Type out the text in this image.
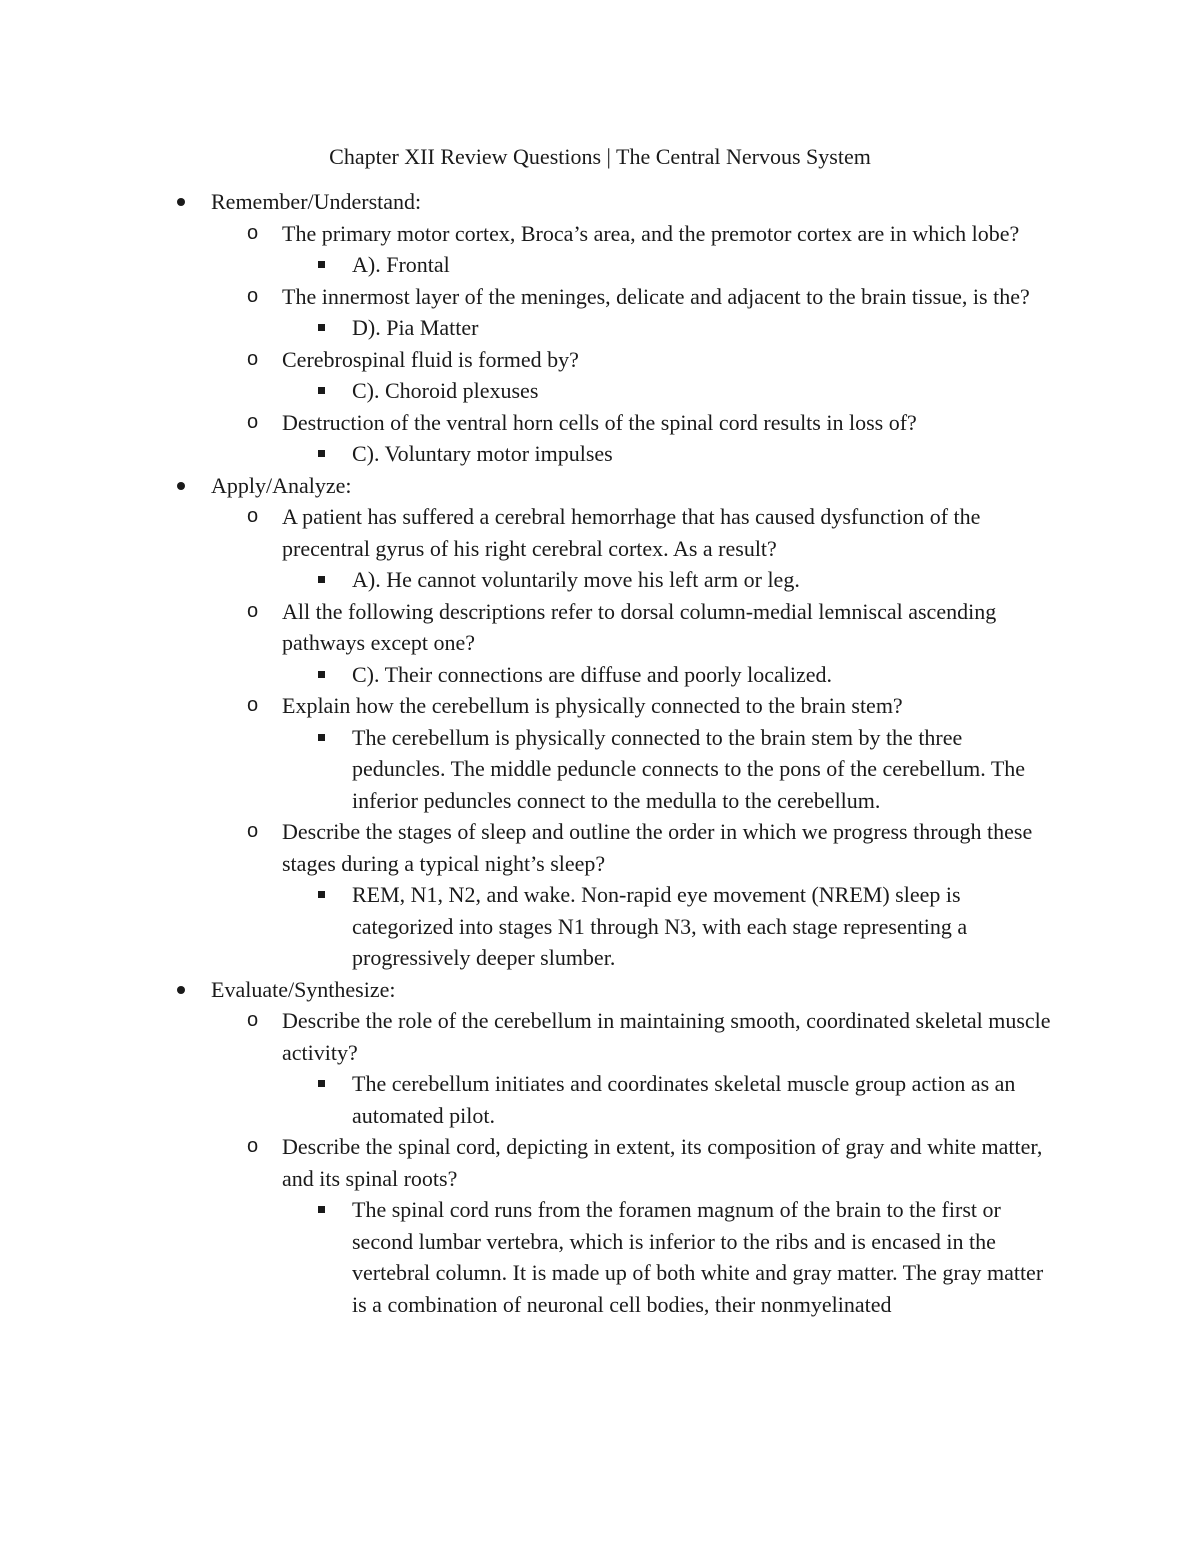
Chapter XII Review Questions | The Central Nervous System
Remember/Understand:
o The primary motor cortex, Broca’s area, and the premotor cortex are in which lobe?
A). Frontal
o The innermost layer of the meninges, delicate and adjacent to the brain tissue, is the?
D). Pia Matter
o Cerebrospinal fluid is formed by?
C). Choroid plexuses
o Destruction of the ventral horn cells of the spinal cord results in loss of?
C). Voluntary motor impulses
Apply/Analyze:
o A patient has suffered a cerebral hemorrhage that has caused dysfunction of the precentral gyrus of his right cerebral cortex. As a result?
A). He cannot voluntarily move his left arm or leg.
o All the following descriptions refer to dorsal column-medial lemniscal ascending pathways except one?
C). Their connections are diffuse and poorly localized.
o Explain how the cerebellum is physically connected to the brain stem?
The cerebellum is physically connected to the brain stem by the three peduncles. The middle peduncle connects to the pons of the cerebellum. The inferior peduncles connect to the medulla to the cerebellum.
o Describe the stages of sleep and outline the order in which we progress through these stages during a typical night’s sleep?
REM, N1, N2, and wake. Non-rapid eye movement (NREM) sleep is categorized into stages N1 through N3, with each stage representing a progressively deeper slumber.
Evaluate/Synthesize:
o Describe the role of the cerebellum in maintaining smooth, coordinated skeletal muscle activity?
The cerebellum initiates and coordinates skeletal muscle group action as an automated pilot.
o Describe the spinal cord, depicting in extent, its composition of gray and white matter, and its spinal roots?
The spinal cord runs from the foramen magnum of the brain to the first or second lumbar vertebra, which is inferior to the ribs and is encased in the vertebral column. It is made up of both white and gray matter. The gray matter is a combination of neuronal cell bodies, their nonmyelinated
